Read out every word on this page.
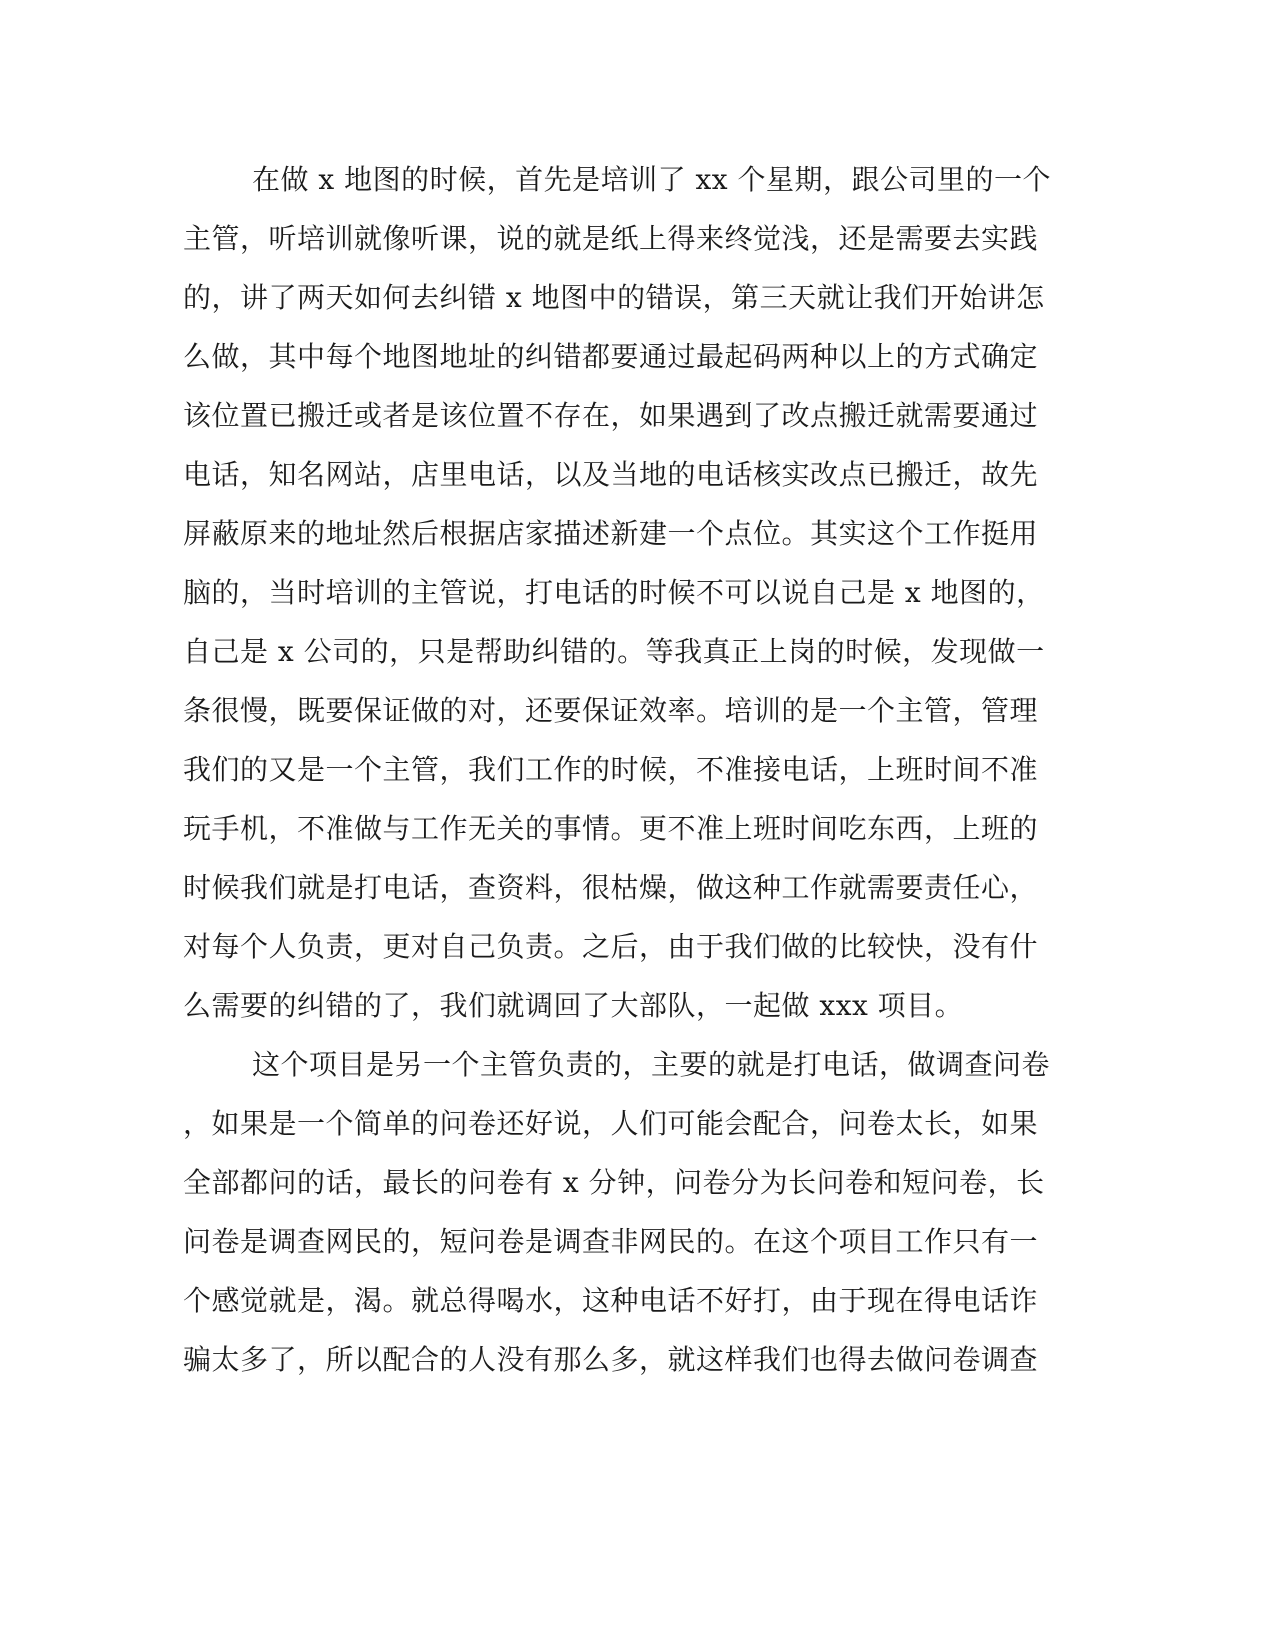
在做 x 地图的时候，首先是培训了 xx 个星期，跟公司里的一个
主管，听培训就像听课，说的就是纸上得来终觉浅，还是需要去实践
的，讲了两天如何去纠错 x 地图中的错误，第三天就让我们开始讲怎
么做，其中每个地图地址的纠错都要通过最起码两种以上的方式确定
该位置已搬迁或者是该位置不存在，如果遇到了改点搬迁就需要通过
电话，知名网站，店里电话，以及当地的电话核实改点已搬迁，故先
屏蔽原来的地址然后根据店家描述新建一个点位。其实这个工作挺用
脑的，当时培训的主管说，打电话的时候不可以说自己是 x 地图的，
自己是 x 公司的，只是帮助纠错的。等我真正上岗的时候，发现做一
条很慢，既要保证做的对，还要保证效率。培训的是一个主管，管理
我们的又是一个主管，我们工作的时候，不准接电话，上班时间不准
玩手机，不准做与工作无关的事情。更不准上班时间吃东西，上班的
时候我们就是打电话，查资料，很枯燥，做这种工作就需要责任心，
对每个人负责，更对自己负责。之后，由于我们做的比较快，没有什
么需要的纠错的了，我们就调回了大部队，一起做 xxx 项目。
这个项目是另一个主管负责的，主要的就是打电话，做调查问卷
，如果是一个简单的问卷还好说，人们可能会配合，问卷太长，如果
全部都问的话，最长的问卷有 x 分钟，问卷分为长问卷和短问卷，长
问卷是调查网民的，短问卷是调查非网民的。在这个项目工作只有一
个感觉就是，渴。就总得喝水，这种电话不好打，由于现在得电话诈
骗太多了，所以配合的人没有那么多，就这样我们也得去做问卷调查
